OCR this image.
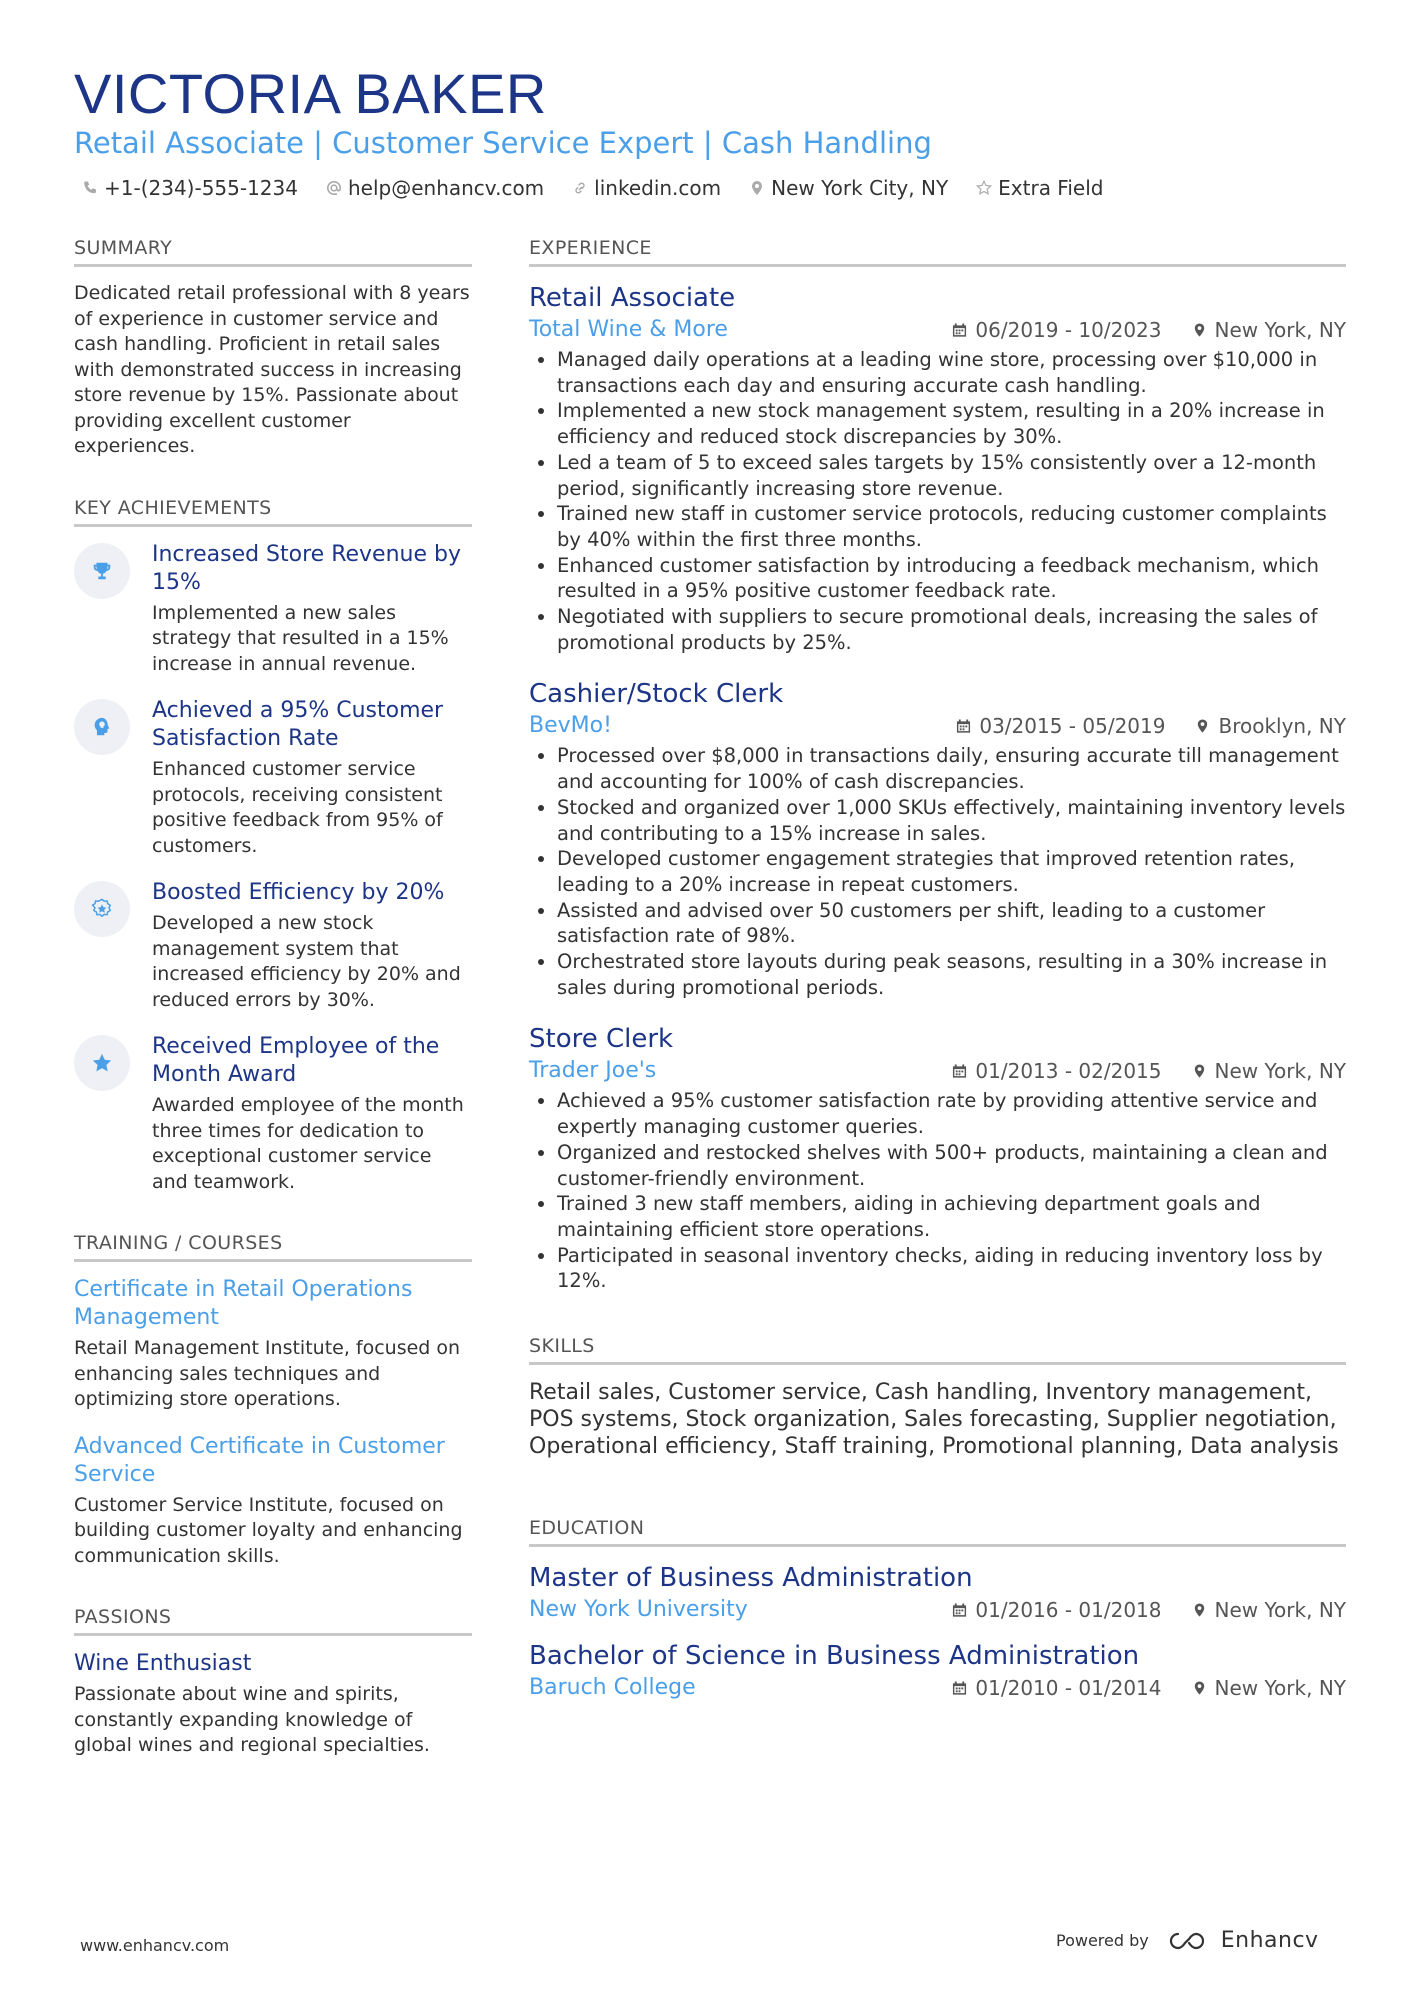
VICTORIA BAKER
Retail Associate | Customer Service Expert | Cash Handling
+1-(234)-555-1234	help@enhancv.com	linkedin.com	New York City, NY	Extra Field
SUMMARY
Dedicated retail professional with 8 years of experience in customer service and cash handling. Proficient in retail sales with demonstrated success in increasing store revenue by 15%. Passionate about providing excellent customer experiences.
KEY ACHIEVEMENTS
Increased Store Revenue by 15%
Implemented a new sales strategy that resulted in a 15% increase in annual revenue.
Achieved a 95% Customer Satisfaction Rate
Enhanced customer service protocols, receiving consistent positive feedback from 95% of customers.
Boosted Efficiency by 20%
Developed a new stock management system that increased efficiency by 20% and reduced errors by 30%.
Received Employee of the Month Award
Awarded employee of the month three times for dedication to exceptional customer service and teamwork.
TRAINING / COURSES
Certificate in Retail Operations Management
Retail Management Institute, focused on enhancing sales techniques and optimizing store operations.
Advanced Certificate in Customer Service
Customer Service Institute, focused on building customer loyalty and enhancing communication skills.
PASSIONS
Wine Enthusiast
Passionate about wine and spirits, constantly expanding knowledge of global wines and regional specialties.
EXPERIENCE
Retail Associate
Total Wine & More	06/2019 - 10/2023	New York, NY
• Managed daily operations at a leading wine store, processing over $10,000 in transactions each day and ensuring accurate cash handling.
• Implemented a new stock management system, resulting in a 20% increase in efficiency and reduced stock discrepancies by 30%.
• Led a team of 5 to exceed sales targets by 15% consistently over a 12-month period, significantly increasing store revenue.
• Trained new staff in customer service protocols, reducing customer complaints by 40% within the first three months.
• Enhanced customer satisfaction by introducing a feedback mechanism, which resulted in a 95% positive customer feedback rate.
• Negotiated with suppliers to secure promotional deals, increasing the sales of promotional products by 25%.
Cashier/Stock Clerk
BevMo!	03/2015 - 05/2019	Brooklyn, NY
• Processed over $8,000 in transactions daily, ensuring accurate till management and accounting for 100% of cash discrepancies.
• Stocked and organized over 1,000 SKUs effectively, maintaining inventory levels and contributing to a 15% increase in sales.
• Developed customer engagement strategies that improved retention rates, leading to a 20% increase in repeat customers.
• Assisted and advised over 50 customers per shift, leading to a customer satisfaction rate of 98%.
• Orchestrated store layouts during peak seasons, resulting in a 30% increase in sales during promotional periods.
Store Clerk
Trader Joe's	01/2013 - 02/2015	New York, NY
• Achieved a 95% customer satisfaction rate by providing attentive service and expertly managing customer queries.
• Organized and restocked shelves with 500+ products, maintaining a clean and customer-friendly environment.
• Trained 3 new staff members, aiding in achieving department goals and maintaining efficient store operations.
• Participated in seasonal inventory checks, aiding in reducing inventory loss by 12%.
SKILLS
Retail sales, Customer service, Cash handling, Inventory management, POS systems, Stock organization, Sales forecasting, Supplier negotiation, Operational efficiency, Staff training, Promotional planning, Data analysis
EDUCATION
Master of Business Administration
New York University	01/2016 - 01/2018	New York, NY
Bachelor of Science in Business Administration
Baruch College	01/2010 - 01/2014	New York, NY
www.enhancv.com	Powered by	Enhancv
